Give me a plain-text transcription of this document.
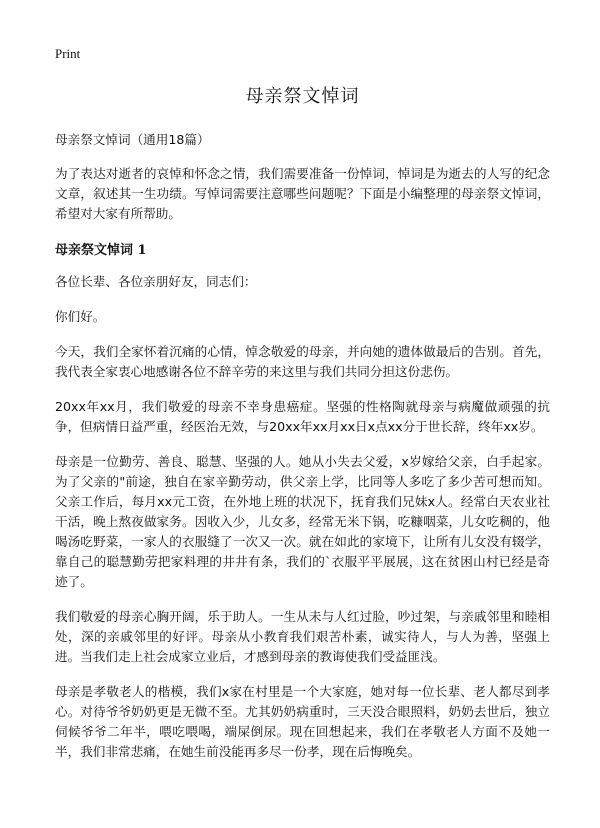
Print
母亲祭文悼词

母亲祭文悼词（通用18篇）

为了表达对逝者的哀悼和怀念之情，我们需要准备一份悼词，悼词是为逝去的人写的纪念文章，叙述其一生功绩。写悼词需要注意哪些问题呢？下面是小编整理的母亲祭文悼词，希望对大家有所帮助。

母亲祭文悼词 1

各位长辈、各位亲朋好友，同志们：

你们好。

今天，我们全家怀着沉痛的心情，悼念敬爱的母亲，并向她的遗体做最后的告别。首先，我代表全家衷心地感谢各位不辞辛劳的来这里与我们共同分担这份悲伤。

20xx年xx月，我们敬爱的母亲不幸身患癌症。坚强的性格陶就母亲与病魔做顽强的抗争，但病情日益严重，经医治无效，与20xx年xx月xx日x点xx分于世长辞，终年xx岁。

母亲是一位勤劳、善良、聪慧、坚强的人。她从小失去父爱，x岁嫁给父亲，白手起家。为了父亲的"前途，独自在家辛勤劳动，供父亲上学，比同等人多吃了多少苦可想而知。父亲工作后，每月xx元工资，在外地上班的状况下，抚育我们兄妹x人。经常白天农业社干活，晚上熬夜做家务。因收入少，儿女多，经常无米下锅，吃糠咽菜，儿女吃稠的，他喝汤吃野菜，一家人的衣服缝了一次又一次。就在如此的家境下，让所有儿女没有辍学，靠自己的聪慧勤劳把家料理的井井有条，我们的`衣服平平展展，这在贫困山村已经是奇迹了。

我们敬爱的母亲心胸开阔，乐于助人。一生从未与人红过脸，吵过架，与亲戚邻里和睦相处，深的亲戚邻里的好评。母亲从小教育我们艰苦朴素，诚实待人，与人为善，坚强上进。当我们走上社会成家立业后，才感到母亲的教诲使我们受益匪浅。

母亲是孝敬老人的楷模，我们x家在村里是一个大家庭，她对每一位长辈、老人都尽到孝心。对待爷爷奶奶更是无微不至。尤其奶奶病重时，三天没合眼照料，奶奶去世后，独立伺候爷爷二年半，喂吃喂喝，端屎倒尿。现在回想起来，我们在孝敬老人方面不及她一半，我们非常悲痛，在她生前没能再多尽一份孝，现在后悔晚矣。
